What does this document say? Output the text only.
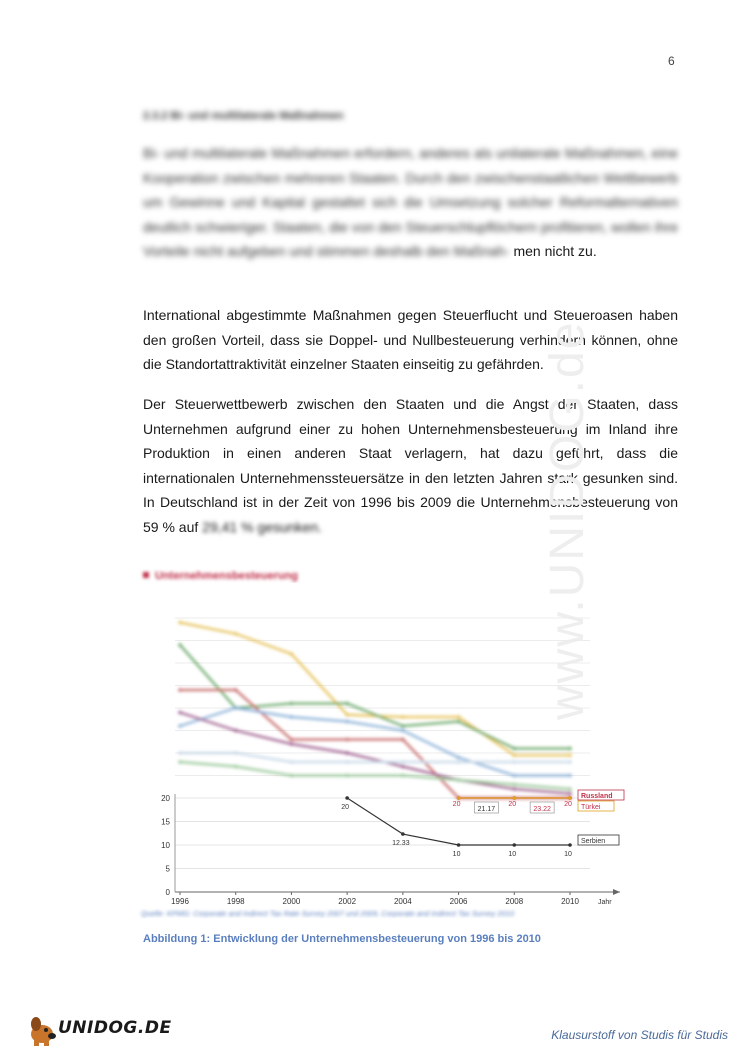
6
2.3.2 Bi- und multilaterale Maßnahmen
Bi- und multilaterale Maßnahmen erfordern, anderes als unilaterale Maßnahmen, eine Kooperation zwischen mehreren Staaten. Durch den zwischenstaatlichen Wettbewerb um Gewinne und Kapital gestaltet sich die Umsetzung solcher Reformalternativen deutlich schwieriger. Staaten, die von den Steuerschlupflöchern profitieren, wollen ihre Vorteile nicht aufgeben und stimmen deshalb den Maßnah- men nicht zu.
International abgestimmte Maßnahmen gegen Steuerflucht und Steueroasen haben den großen Vorteil, dass sie Doppel- und Nullbesteuerung verhindern können, ohne die Standortattraktivität einzelner Staaten einseitig zu gefährden.
Der Steuerwettbewerb zwischen den Staaten und die Angst der Staaten, dass Unternehmen aufgrund einer zu hohen Unternehmensbesteuerung im Inland ihre Produktion in einen anderen Staat verlagern, hat dazu geführt, dass die internationalen Unternehmenssteuersätze in den letzten Jahren stark gesunken sind. In Deutschland ist in der Zeit von 1996 bis 2009 die Unternehmensbesteuerung von 59 % auf 29,41 % gesunken.	www.UNIDOG.de
Unternehmensbesteuerung
0
5
10
15
20
1996	1998	2000	2002	2004	2006	2008	2010	Jahr
20
12.33
10	10	10
Serbien
20	20
Russland
20 Türkei
21.17	23.22
Quelle: KPMG: Corporate and Indirect Tax Rate Survey 2007 und 2009, Corporate and Indirect Tax Survey 2010
Abbildung 1: Entwicklung der Unternehmensbesteuerung von 1996 bis 2010
UNIDOG.DE	Klausurstoff von Studis für Studis
